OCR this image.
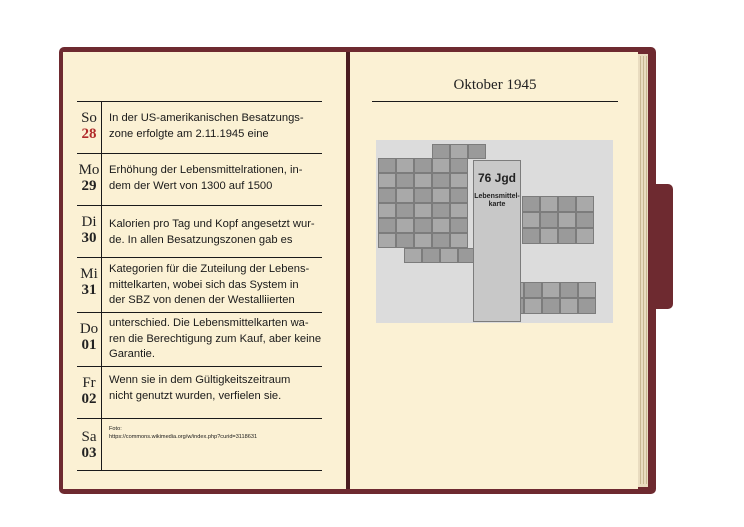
So
28
Mo
29
Di
30
Mi
31
Do
01
Fr
02
Sa
03
In der US-amerikanischen Besatzungs-
zone erfolgte am 2.11.1945 eine
Erhöhung der Lebensmittelrationen, in-
dem der Wert von 1300 auf 1500
Kalorien pro Tag und Kopf angesetzt wur-
de. In allen Besatzungszonen gab es
Kategorien für die Zuteilung der Lebens-
mittelkarten, wobei sich das System in
der SBZ von denen der Westalliierten
unterschied. Die Lebensmittelkarten wa-
ren die Berechtigung zum Kauf, aber keine
Garantie.
Wenn sie in dem Gültigkeitszeitraum
nicht genutzt wurden, verfielen sie.
Foto:
https://commons.wikimedia.org/w/index.php?curid=3118631
Oktober 1945
76 Jgd
Lebensmittel-
karte
